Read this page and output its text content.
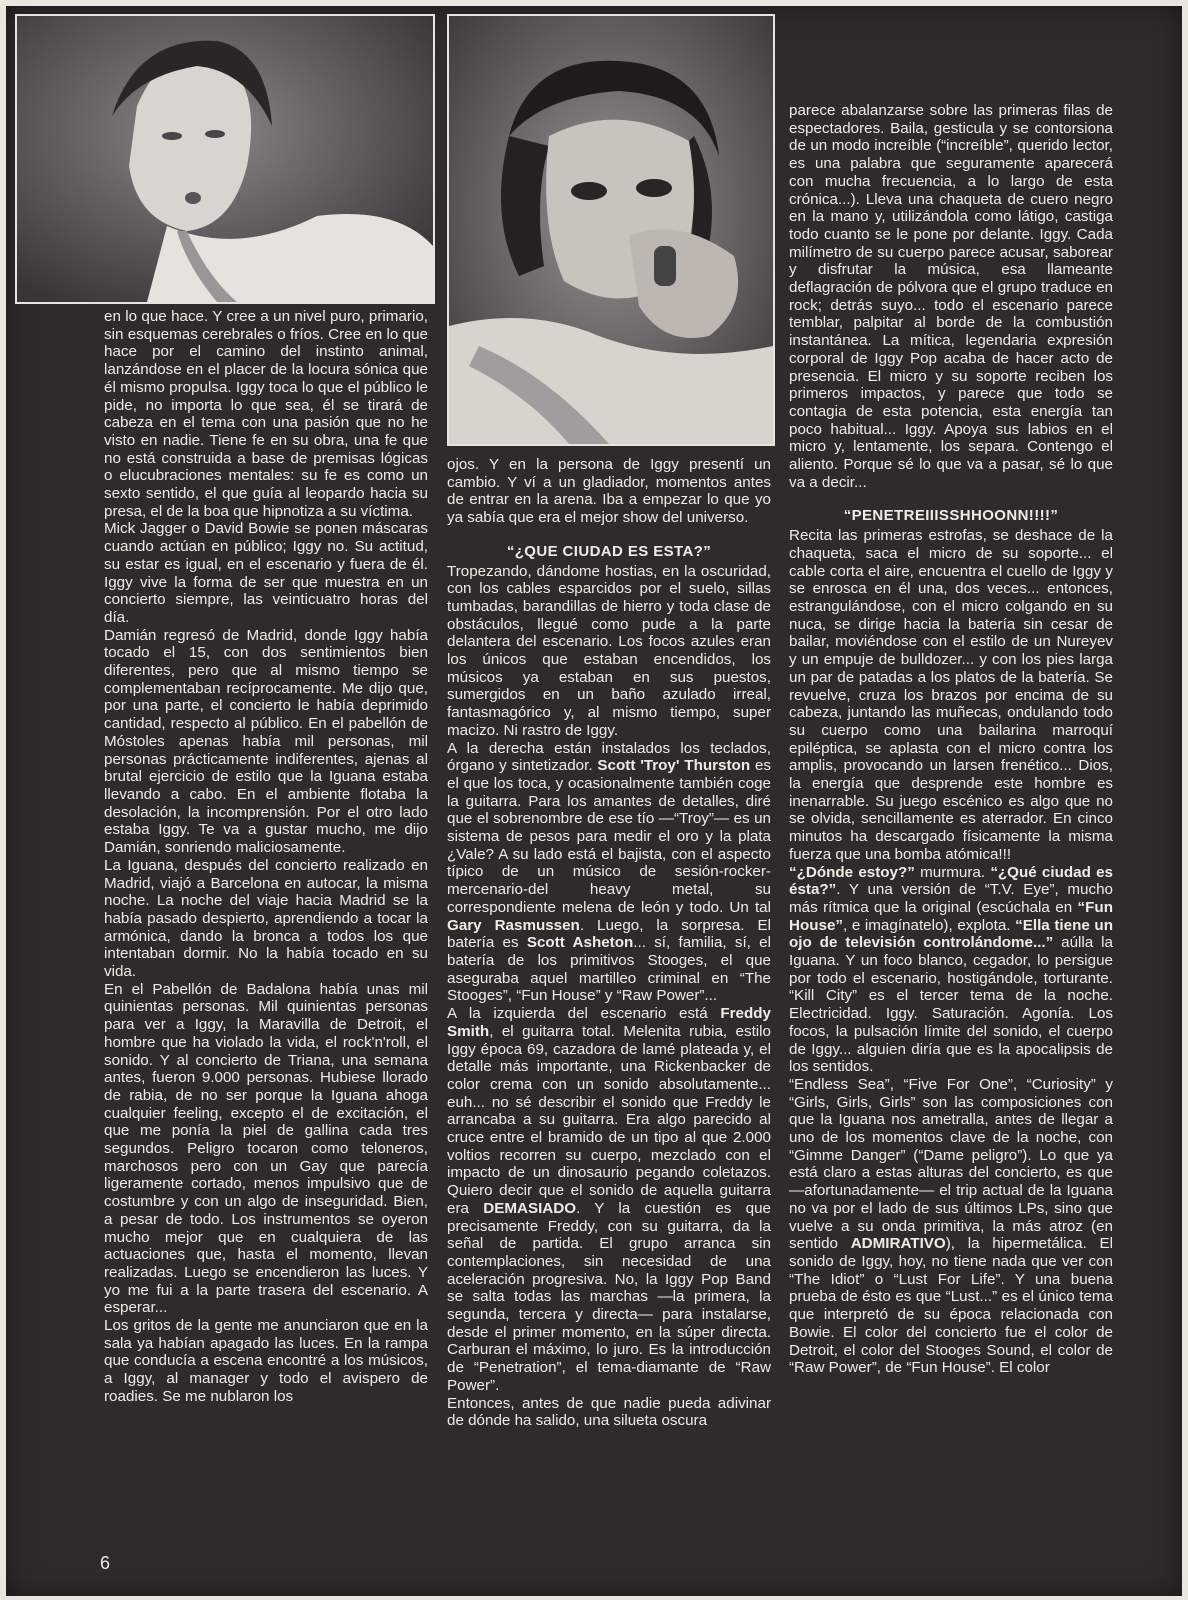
en lo que hace. Y cree a un nivel puro, primario, sin esquemas cerebrales o fríos. Cree en lo que hace por el camino del instinto animal, lanzándose en el placer de la locura sónica que él mismo propulsa. Iggy toca lo que el público le pide, no importa lo que sea, él se tirará de cabeza en el tema con una pasión que no he visto en nadie. Tiene fe en su obra, una fe que no está construida a base de premisas lógicas o elucubraciones mentales: su fe es como un sexto sentido, el que guía al leopardo hacia su presa, el de la boa que hipnotiza a su víctima.

Mick Jagger o David Bowie se ponen máscaras cuando actúan en público; Iggy no. Su actitud, su estar es igual, en el escenario y fuera de él. Iggy vive la forma de ser que muestra en un concierto siempre, las veinticuatro horas del día.

Damián regresó de Madrid, donde Iggy había tocado el 15, con dos sentimientos bien diferentes, pero que al mismo tiempo se complementaban recíprocamente. Me dijo que, por una parte, el concierto le había deprimido cantidad, respecto al público. En el pabellón de Móstoles apenas había mil personas, mil personas prácticamente indiferentes, ajenas al brutal ejercicio de estilo que la Iguana estaba llevando a cabo. En el ambiente flotaba la desolación, la incomprensión. Por el otro lado estaba Iggy. Te va a gustar mucho, me dijo Damián, sonriendo maliciosamente.

La Iguana, después del concierto realizado en Madrid, viajó a Barcelona en autocar, la misma noche. La noche del viaje hacia Madrid se la había pasado despierto, aprendiendo a tocar la armónica, dando la bronca a todos los que intentaban dormir. No la había tocado en su vida.

En el Pabellón de Badalona había unas mil quinientas personas. Mil quinientas personas para ver a Iggy, la Maravilla de Detroit, el hombre que ha violado la vida, el rock'n'roll, el sonido. Y al concierto de Triana, una semana antes, fueron 9.000 personas. Hubiese llorado de rabia, de no ser porque la Iguana ahoga cualquier feeling, excepto el de excitación, el que me ponía la piel de gallina cada tres segundos. Peligro tocaron como teloneros, marchosos pero con un Gay que parecía ligeramente cortado, menos impulsivo que de costumbre y con un algo de inseguridad. Bien, a pesar de todo. Los instrumentos se oyeron mucho mejor que en cualquiera de las actuaciones que, hasta el momento, llevan realizadas. Luego se encendieron las luces. Y yo me fui a la parte trasera del escenario. A esperar...

Los gritos de la gente me anunciaron que en la sala ya habían apagado las luces. En la rampa que conducía a escena encontré a los músicos, a Iggy, al manager y todo el avispero de roadies. Se me nublaron los

ojos. Y en la persona de Iggy presentí un cambio. Y ví a un gladiador, momentos antes de entrar en la arena. Iba a empezar lo que yo ya sabía que era el mejor show del universo.

“¿QUE CIUDAD ES ESTA?”

Tropezando, dándome hostias, en la oscuridad, con los cables esparcidos por el suelo, sillas tumbadas, barandillas de hierro y toda clase de obstáculos, llegué como pude a la parte delantera del escenario. Los focos azules eran los únicos que estaban encendidos, los músicos ya estaban en sus puestos, sumergidos en un baño azulado irreal, fantasmagórico y, al mismo tiempo, super macizo. Ni rastro de Iggy.

A la derecha están instalados los teclados, órgano y sintetizador. Scott 'Troy' Thurston es el que los toca, y ocasionalmente también coge la guitarra. Para los amantes de detalles, diré que el sobrenombre de ese tío —“Troy”— es un sistema de pesos para medir el oro y la plata ¿Vale? A su lado está el bajista, con el aspecto típico de un músico de sesión-rocker-mercenario-del heavy metal, su correspondiente melena de león y todo. Un tal Gary Rasmussen. Luego, la sorpresa. El batería es Scott Asheton... sí, familia, sí, el batería de los primitivos Stooges, el que aseguraba aquel martilleo criminal en “The Stooges”, “Fun House” y “Raw Power”...

A la izquierda del escenario está Freddy Smith, el guitarra total. Melenita rubia, estilo Iggy época 69, cazadora de lamé plateada y, el detalle más importante, una Rickenbacker de color crema con un sonido absolutamente... euh... no sé describir el sonido que Freddy le arrancaba a su guitarra. Era algo parecido al cruce entre el bramido de un tipo al que 2.000 voltios recorren su cuerpo, mezclado con el impacto de un dinosaurio pegando coletazos. Quiero decir que el sonido de aquella guitarra era DEMASIADO. Y la cuestión es que precisamente Freddy, con su guitarra, da la señal de partida. El grupo arranca sin contemplaciones, sin necesidad de una aceleración progresiva. No, la Iggy Pop Band se salta todas las marchas —la primera, la segunda, tercera y directa— para instalarse, desde el primer momento, en la súper directa. Carburan el máximo, lo juro. Es la introducción de “Penetration”, el tema-diamante de “Raw Power”.

Entonces, antes de que nadie pueda adivinar de dónde ha salido, una silueta oscura

parece abalanzarse sobre las primeras filas de espectadores. Baila, gesticula y se contorsiona de un modo increíble (“increíble”, querido lector, es una palabra que seguramente aparecerá con mucha frecuencia, a lo largo de esta crónica...). Lleva una chaqueta de cuero negro en la mano y, utilizándola como látigo, castiga todo cuanto se le pone por delante. Iggy. Cada milímetro de su cuerpo parece acusar, saborear y disfrutar la música, esa llameante deflagración de pólvora que el grupo traduce en rock; detrás suyo... todo el escenario parece temblar, palpitar al borde de la combustión instantánea. La mítica, legendaria expresión corporal de Iggy Pop acaba de hacer acto de presencia. El micro y su soporte reciben los primeros impactos, y parece que todo se contagia de esta potencia, esta energía tan poco habitual... Iggy. Apoya sus labios en el micro y, lentamente, los separa. Contengo el aliento. Porque sé lo que va a pasar, sé lo que va a decir...

“PENETREIIISSHHOONN!!!!”

Recita las primeras estrofas, se deshace de la chaqueta, saca el micro de su soporte... el cable corta el aire, encuentra el cuello de Iggy y se enrosca en él una, dos veces... entonces, estrangulándose, con el micro colgando en su nuca, se dirige hacia la batería sin cesar de bailar, moviéndose con el estilo de un Nureyev y un empuje de bulldozer... y con los pies larga un par de patadas a los platos de la batería. Se revuelve, cruza los brazos por encima de su cabeza, juntando las muñecas, ondulando todo su cuerpo como una bailarina marroquí epiléptica, se aplasta con el micro contra los amplis, provocando un larsen frenético... Dios, la energía que desprende este hombre es inenarrable. Su juego escénico es algo que no se olvida, sencillamente es aterrador. En cinco minutos ha descargado físicamente la misma fuerza que una bomba atómica!!!

“¿Dónde estoy?” murmura. “¿Qué ciudad es ésta?”. Y una versión de “T.V. Eye”, mucho más rítmica que la original (escúchala en “Fun House”, e imagínatelo), explota. “Ella tiene un ojo de televisión controlándome...” aúlla la Iguana. Y un foco blanco, cegador, lo persigue por todo el escenario, hostigándole, torturante. “Kill City” es el tercer tema de la noche. Electricidad. Iggy. Saturación. Agonía. Los focos, la pulsación límite del sonido, el cuerpo de Iggy... alguien diría que es la apocalipsis de los sentidos.

“Endless Sea”, “Five For One”, “Curiosity” y “Girls, Girls, Girls” son las composiciones con que la Iguana nos ametralla, antes de llegar a uno de los momentos clave de la noche, con “Gimme Danger” (“Dame peligro”). Lo que ya está claro a estas alturas del concierto, es que —afortunadamente— el trip actual de la Iguana no va por el lado de sus últimos LPs, sino que vuelve a su onda primitiva, la más atroz (en sentido ADMIRATIVO), la hipermetálica. El sonido de Iggy, hoy, no tiene nada que ver con “The Idiot” o “Lust For Life”. Y una buena prueba de ésto es que “Lust...” es el único tema que interpretó de su época relacionada con Bowie. El color del concierto fue el color de Detroit, el color del Stooges Sound, el color de “Raw Power”, de “Fun House”. El color

6
